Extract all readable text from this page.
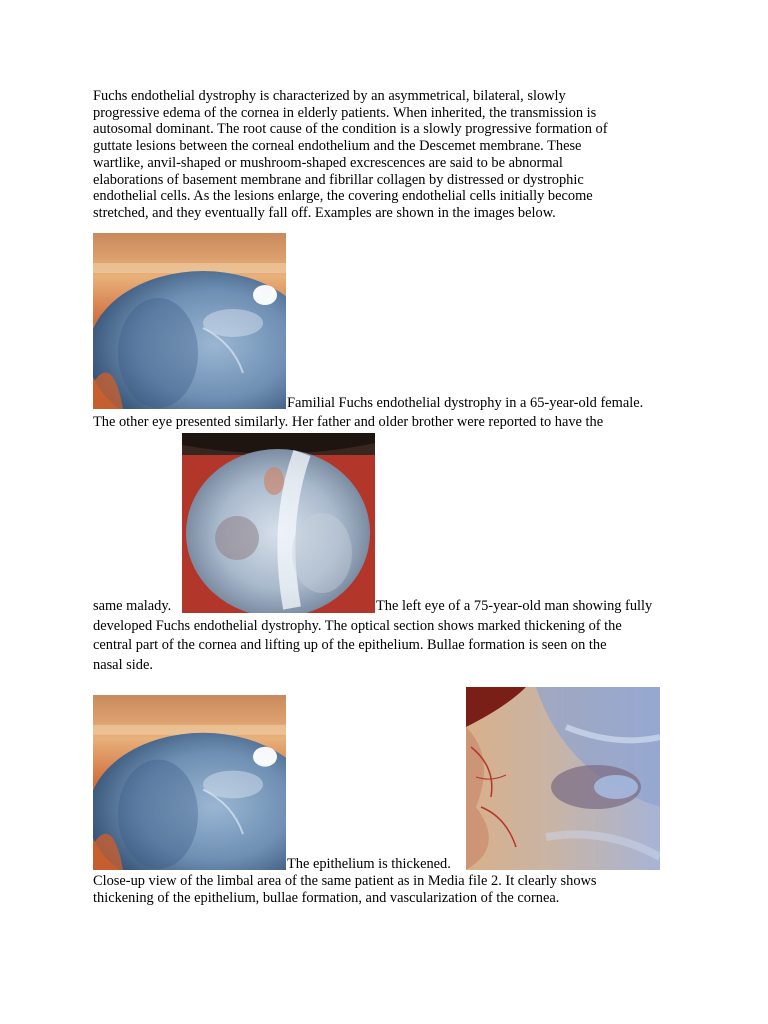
Fuchs endothelial dystrophy is characterized by an asymmetrical, bilateral, slowly
progressive edema of the cornea in elderly patients. When inherited, the transmission is
autosomal dominant. The root cause of the condition is a slowly progressive formation of
guttate lesions between the corneal endothelium and the Descemet membrane. These
wartlike, anvil-shaped or mushroom-shaped excrescences are said to be abnormal
elaborations of basement membrane and fibrillar collagen by distressed or dystrophic
endothelial cells. As the lesions enlarge, the covering endothelial cells initially become
stretched, and they eventually fall off. Examples are shown in the images below.

Familial Fuchs endothelial dystrophy in a 65-year-old female.

The other eye presented similarly. Her father and older brother were reported to have the

same malady.	The left eye of a 75-year-old man showing fully

developed Fuchs endothelial dystrophy. The optical section shows marked thickening of the

central part of the cornea and lifting up of the epithelium. Bullae formation is seen on the

nasal side.

The epithelium is thickened.

Close-up view of the limbal area of the same patient as in Media file 2. It clearly shows

thickening of the epithelium, bullae formation, and vascularization of the cornea.
